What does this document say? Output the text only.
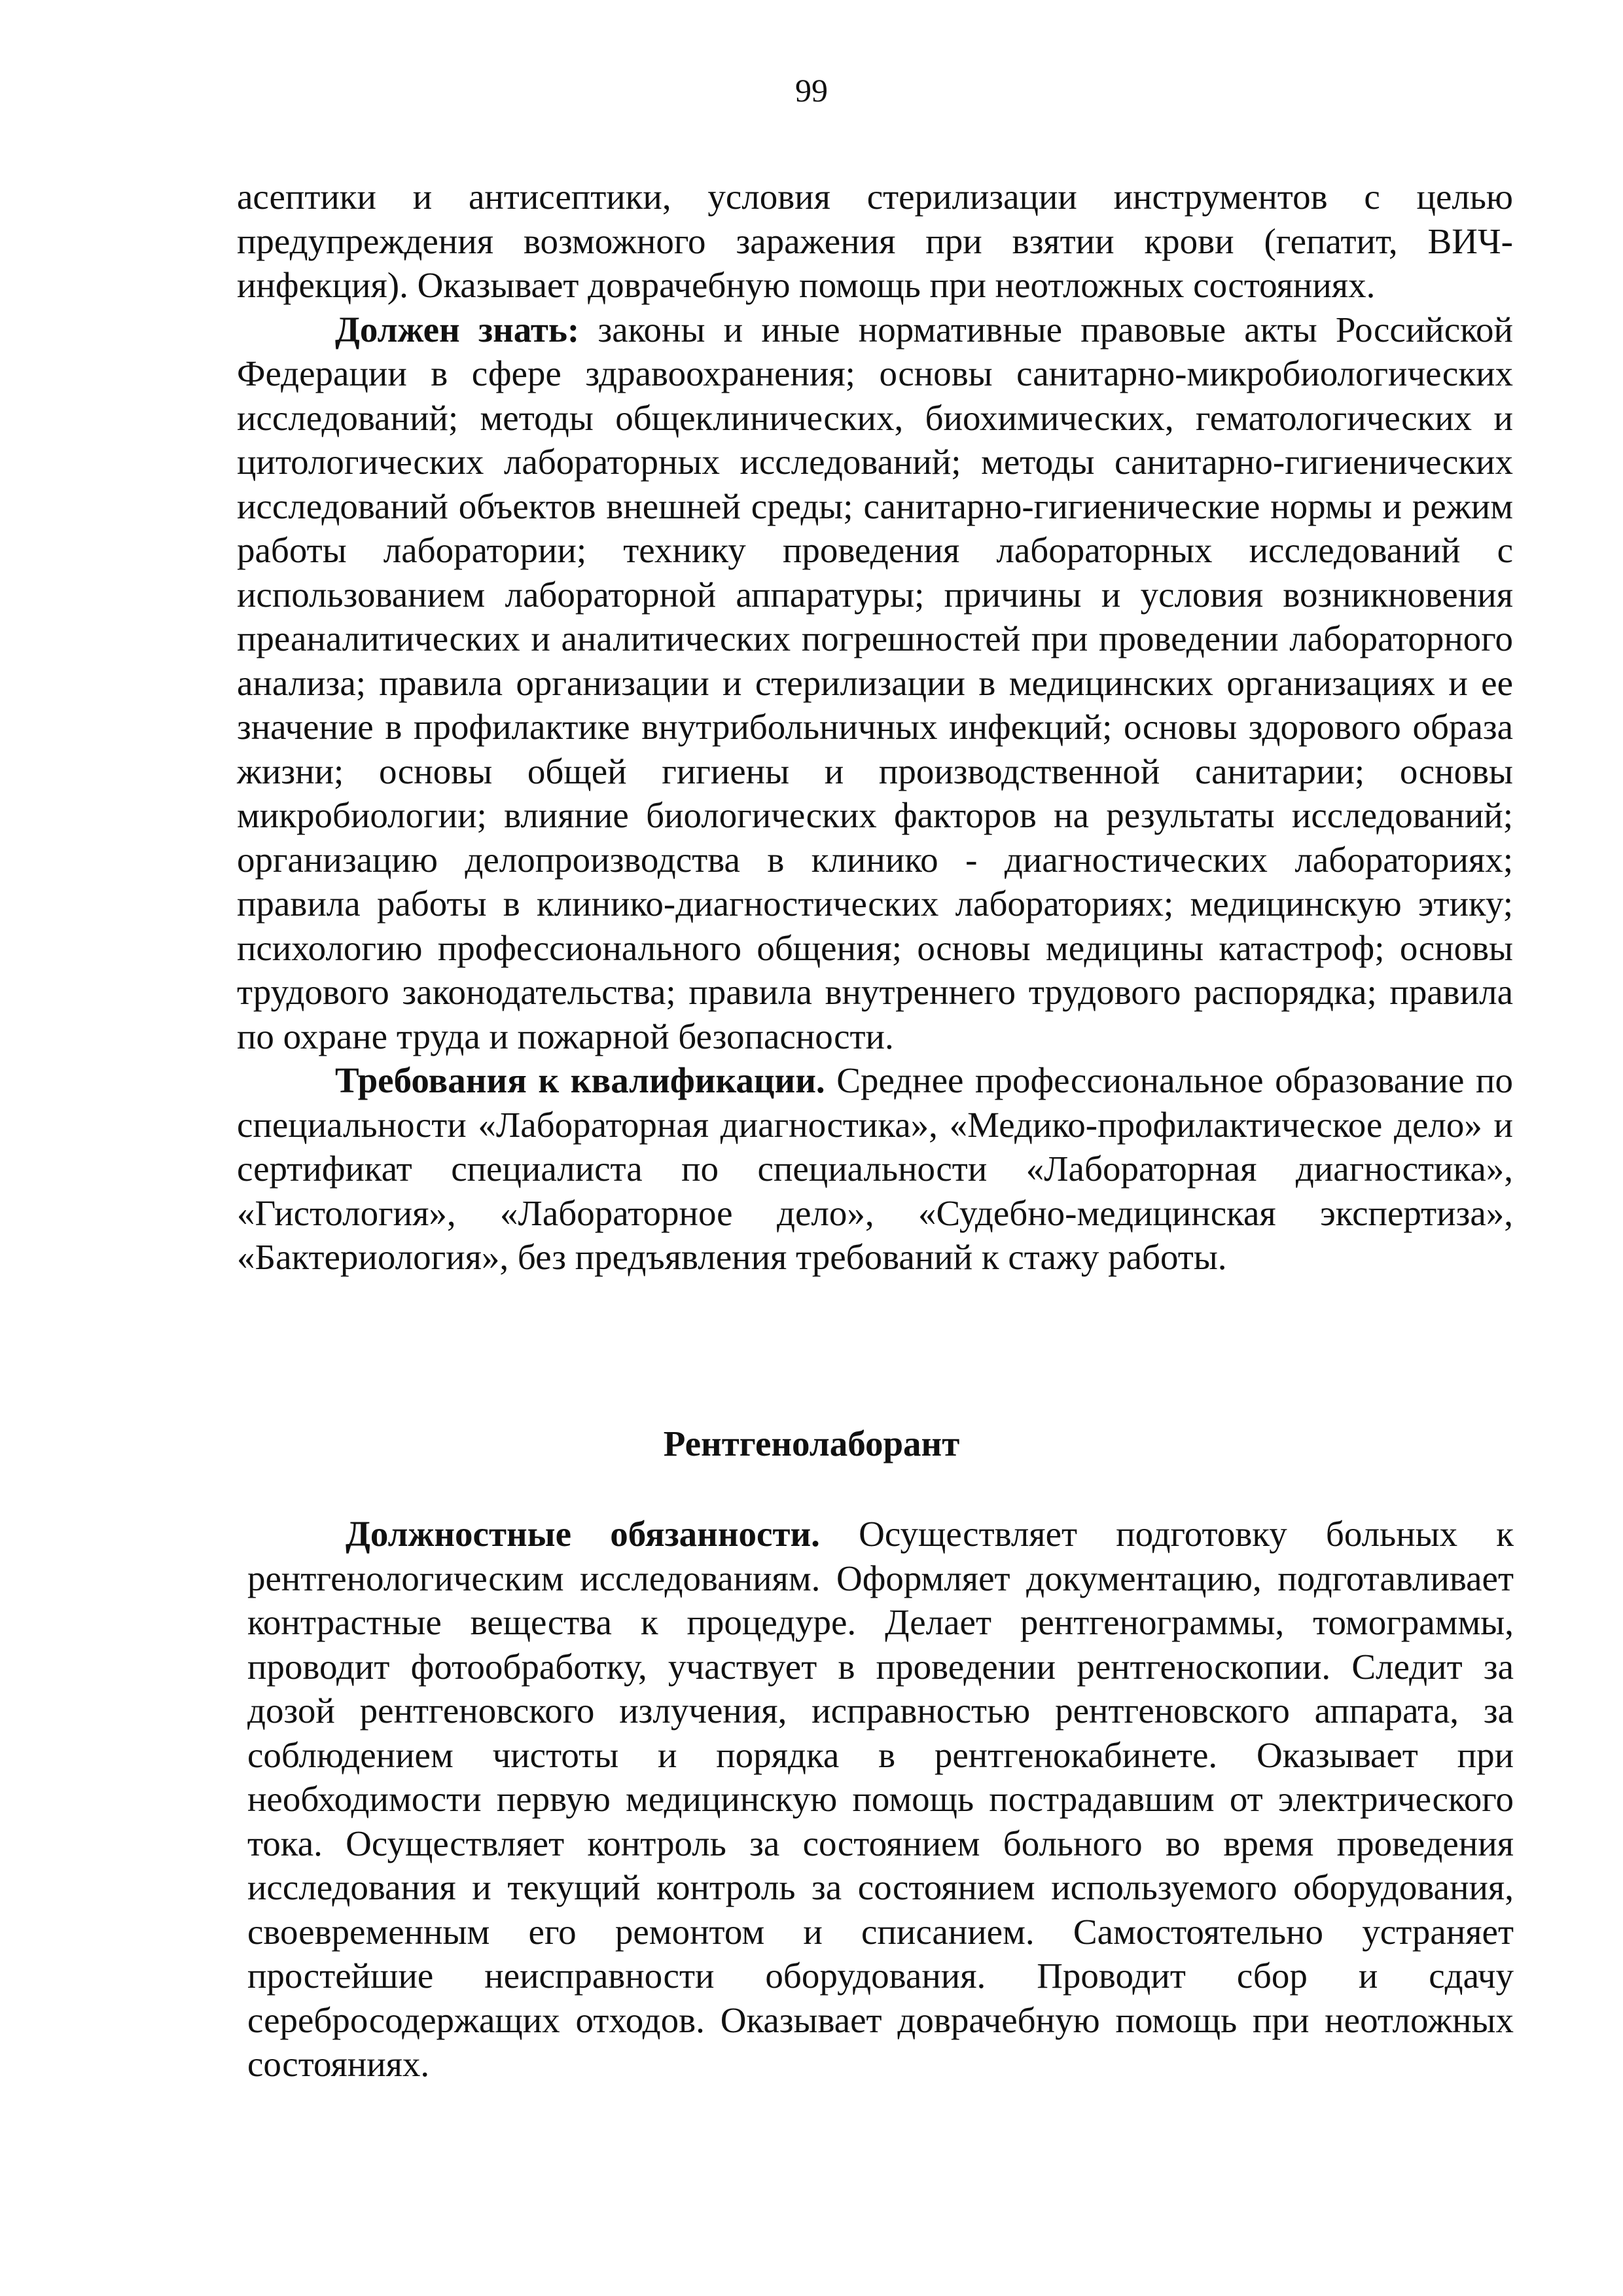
99

асептики и антисептики, условия стерилизации инструментов с целью предупреждения возможного заражения при взятии крови (гепатит, ВИЧ-инфекция). Оказывает доврачебную помощь при неотложных состояниях.

Должен знать: законы и иные нормативные правовые акты Российской Федерации в сфере здравоохранения; основы санитарно-микробиологических исследований; методы общеклинических, биохимических, гематологических и цитологических лабораторных исследований; методы санитарно-гигиенических исследований объектов внешней среды; санитарно-гигиенические нормы и режим работы лаборатории; технику проведения лабораторных исследований с использованием лабораторной аппаратуры; причины и условия возникновения преаналитических и аналитических погрешностей при проведении лабораторного анализа; правила организации и стерилизации в медицинских организациях и ее значение в профилактике внутрибольничных инфекций; основы здорового образа жизни; основы общей гигиены и производственной санитарии; основы микробиологии; влияние биологических факторов на результаты исследований; организацию делопроизводства в клинико - диагностических лабораториях; правила работы в клинико-диагностических лабораториях; медицинскую этику; психологию профессионального общения; основы медицины катастроф; основы трудового законодательства; правила внутреннего трудового распорядка; правила по охране труда и пожарной безопасности.

Требования к квалификации. Среднее профессиональное образование по специальности «Лабораторная диагностика», «Медико-профилактическое дело» и сертификат специалиста по специальности «Лабораторная диагностика», «Гистология», «Лабораторное дело», «Судебно-медицинская экспертиза», «Бактериология», без предъявления требований к стажу работы.

Рентгенолаборант

Должностные обязанности. Осуществляет подготовку больных к рентгенологическим исследованиям. Оформляет документацию, подготавливает контрастные вещества к процедуре. Делает рентгенограммы, томограммы, проводит фотообработку, участвует в проведении рентгеноскопии. Следит за дозой рентгеновского излучения, исправностью рентгеновского аппарата, за соблюдением чистоты и порядка в рентгенокабинете. Оказывает при необходимости первую медицинскую помощь пострадавшим от электрического тока. Осуществляет контроль за состоянием больного во время проведения исследования и текущий контроль за состоянием используемого оборудования, своевременным его ремонтом и списанием. Самостоятельно устраняет простейшие неисправности оборудования. Проводит сбор и сдачу серебросодержащих отходов. Оказывает доврачебную помощь при неотложных состояниях.
